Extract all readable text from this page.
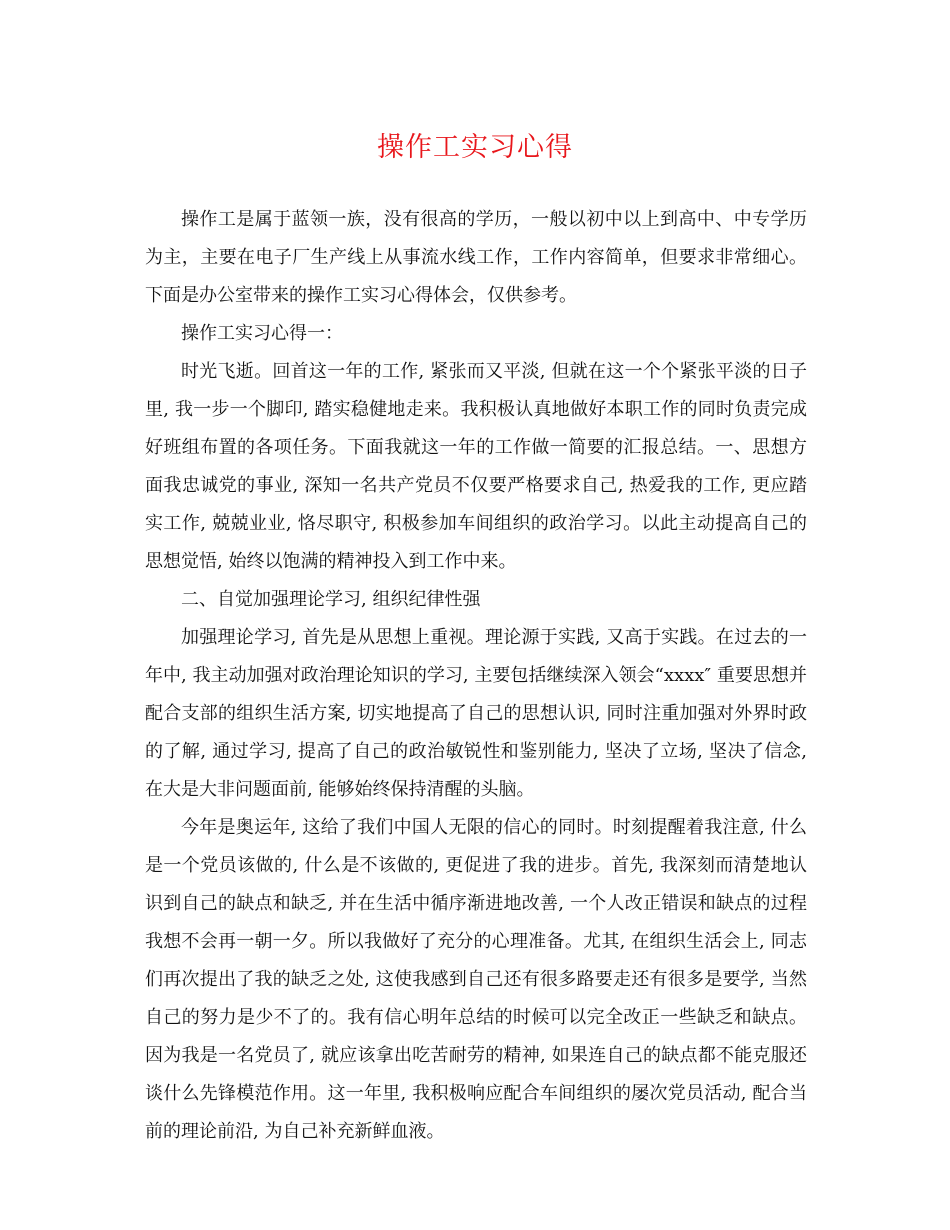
操作工实习心得

操作工是属于蓝领一族，没有很高的学历，一般以初中以上到高中、中专学历为主，主要在电子厂生产线上从事流水线工作，工作内容简单，但要求非常细心。下面是办公室带来的操作工实习心得体会，仅供参考。

操作工实习心得一：

时光飞逝。回首这一年的工作, 紧张而又平淡, 但就在这一个个紧张平淡的日子里, 我一步一个脚印, 踏实稳健地走来。我积极认真地做好本职工作的同时负责完成好班组布置的各项任务。下面我就这一年的工作做一简要的汇报总结。一、思想方面我忠诚党的事业, 深知一名共产党员不仅要严格要求自己, 热爱我的工作, 更应踏实工作, 兢兢业业, 恪尽职守, 积极参加车间组织的政治学习。以此主动提高自己的思想觉悟, 始终以饱满的精神投入到工作中来。

二、自觉加强理论学习, 组织纪律性强

加强理论学习, 首先是从思想上重视。理论源于实践, 又高于实践。在过去的一年中, 我主动加强对政治理论知识的学习, 主要包括继续深入领会“xxxx″ 重要思想并配合支部的组织生活方案, 切实地提高了自己的思想认识, 同时注重加强对外界时政的了解, 通过学习, 提高了自己的政治敏锐性和鉴别能力, 坚决了立场, 坚决了信念, 在大是大非问题面前, 能够始终保持清醒的头脑。

今年是奥运年, 这给了我们中国人无限的信心的同时。时刻提醒着我注意, 什么是一个党员该做的, 什么是不该做的, 更促进了我的进步。首先, 我深刻而清楚地认识到自己的缺点和缺乏, 并在生活中循序渐进地改善, 一个人改正错误和缺点的过程我想不会再一朝一夕。所以我做好了充分的心理准备。尤其, 在组织生活会上, 同志们再次提出了我的缺乏之处, 这使我感到自己还有很多路要走还有很多是要学, 当然自己的努力是少不了的。我有信心明年总结的时候可以完全改正一些缺乏和缺点。因为我是一名党员了, 就应该拿出吃苦耐劳的精神, 如果连自己的缺点都不能克服还谈什么先锋模范作用。这一年里, 我积极响应配合车间组织的屡次党员活动, 配合当前的理论前沿, 为自己补充新鲜血液。
